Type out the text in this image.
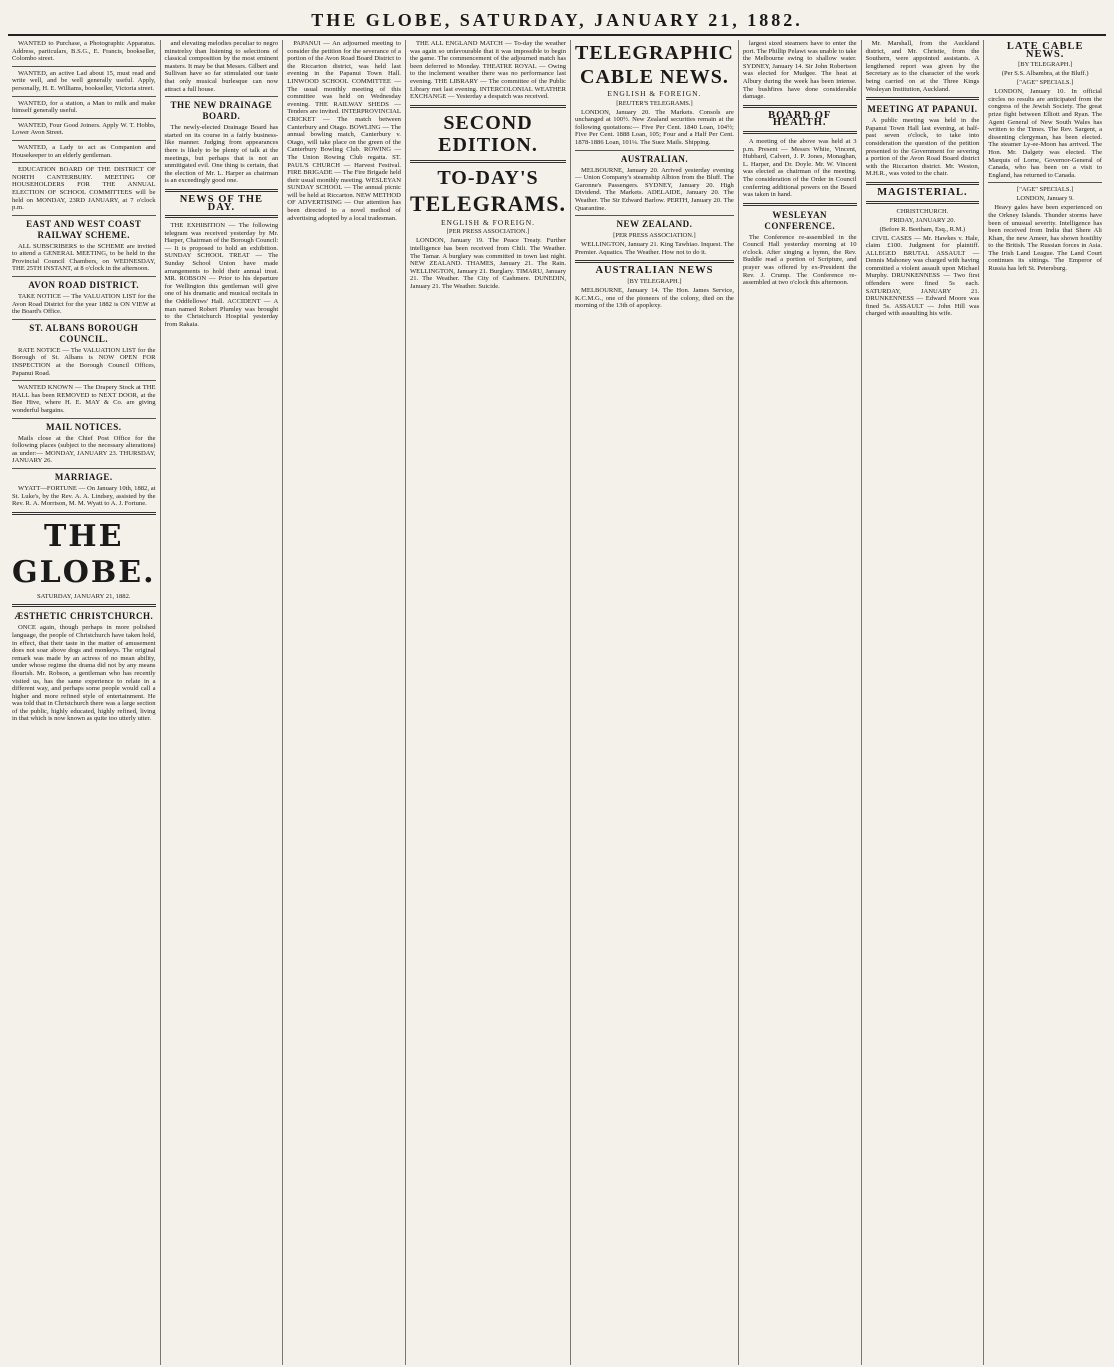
THE GLOBE, SATURDAY, JANUARY 21, 1882.

WANTED to Purchase, a Photographic Apparatus. Address, particulars, B.S.G., E. Francis, bookseller, Colombo street.

WANTED, an active Lad about 15, must read and write well, and be well generally useful. Apply, personally, H. E. Williams, bookseller, Victoria street.

WANTED, for a station, a Man to milk and make himself generally useful.

WANTED, Four Good Joiners. Apply W. T. Hobbs, Lower Avon Street.

WANTED, a Lady to act as Companion and Housekeeper to an elderly gentleman.

EDUCATION BOARD OF THE DISTRICT OF NORTH CANTERBURY. MEETING OF HOUSEHOLDERS FOR THE ANNUAL ELECTION OF SCHOOL COMMITTEES will be held on MONDAY, 23RD JANUARY, at 7 o'clock p.m.

EAST AND WEST COAST RAILWAY SCHEME.

ALL SUBSCRIBERS to the SCHEME are invited to attend a GENERAL MEETING, to be held in the Provincial Council Chambers, on WEDNESDAY, THE 25TH INSTANT, at 8 o'clock in the afternoon.

AVON ROAD DISTRICT.

TAKE NOTICE — The VALUATION LIST for the Avon Road District for the year 1882 is ON VIEW at the Board's Office.

ST. ALBANS BOROUGH COUNCIL.

RATE NOTICE — The VALUATION LIST for the Borough of St. Albans is NOW OPEN FOR INSPECTION at the Borough Council Offices, Papanui Road.

WANTED KNOWN — The Drapery Stock at THE HALL has been REMOVED to NEXT DOOR, at the Bee Hive, where H. E. MAY & Co. are giving wonderful bargains.

MAIL NOTICES.

Mails close at the Chief Post Office for the following places (subject to the necessary alterations) as under:— MONDAY, JANUARY 23. THURSDAY, JANUARY 26.

MARRIAGE.

WYATT—FORTUNE — On January 10th, 1882, at St. Luke's, by the Rev. A. A. Lindsey, assisted by the Rev. R. A. Morrison, M. M. Wyatt to A. J. Fortune.

THE GLOBE.
SATURDAY, JANUARY 21, 1882.
ÆSTHETIC CHRISTCHURCH.

ONCE again, though perhaps in more polished language, the people of Christchurch have taken hold, in effect, that their taste in the matter of amusement does not soar above dogs and monkeys. The original remark was made by an actress of no mean ability, under whose regime the drama did not by any means flourish. Mr. Robson, a gentleman who has recently visited us, has the same experience to relate in a different way, and perhaps some people would call a higher and more refined style of entertainment. He was told that in Christchurch there was a large section of the public, highly educated, highly refined, living in that which is now known as quite too utterly utter.

and elevating melodies peculiar to negro minstrelsy than listening to selections of classical composition by the most eminent masters. It may be that Messrs. Gilbert and Sullivan have so far stimulated our taste that only musical burlesque can now attract a full house.

THE NEW DRAINAGE BOARD.

The newly-elected Drainage Board has started on its course in a fairly business-like manner. Judging from appearances there is likely to be plenty of talk at the meetings, but perhaps that is not an unmitigated evil. One thing is certain, that the election of Mr. L. Harper as chairman is an exceedingly good one.

NEWS OF THE DAY.

THE EXHIBITION — The following telegram was received yesterday by Mr. Harper, Chairman of the Borough Council: — It is proposed to hold an exhibition. SUNDAY SCHOOL TREAT — The Sunday School Union have made arrangements to hold their annual treat. MR. ROBSON — Prior to his departure for Wellington this gentleman will give one of his dramatic and musical recitals in the Oddfellows' Hall. ACCIDENT — A man named Robert Plumley was brought to the Christchurch Hospital yesterday from Rakaia.

PAPANUI — An adjourned meeting to consider the petition for the severance of a portion of the Avon Road Board District to the Riccarton district, was held last evening in the Papanui Town Hall. LINWOOD SCHOOL COMMITTEE — The usual monthly meeting of this committee was held on Wednesday evening. THE RAILWAY SHEDS — Tenders are invited. INTERPROVINCIAL CRICKET — The match between Canterbury and Otago. BOWLING — The annual bowling match, Canterbury v. Otago, will take place on the green of the Canterbury Bowling Club. ROWING — The Union Rowing Club regatta. ST. PAUL'S CHURCH — Harvest Festival. FIRE BRIGADE — The Fire Brigade held their usual monthly meeting. WESLEYAN SUNDAY SCHOOL — The annual picnic will be held at Riccarton. NEW METHOD OF ADVERTISING — Our attention has been directed to a novel method of advertising adopted by a local tradesman.

THE ALL ENGLAND MATCH — To-day the weather was again so unfavourable that it was impossible to begin the game. The commencement of the adjourned match has been deferred to Monday. THEATRE ROYAL — Owing to the inclement weather there was no performance last evening. THE LIBRARY — The committee of the Public Library met last evening. INTERCOLONIAL WEATHER EXCHANGE — Yesterday a despatch was received.

SECOND EDITION.
TO-DAY'S
TELEGRAMS.
ENGLISH & FOREIGN.
[PER PRESS ASSOCIATION.]

LONDON, January 19. The Peace Treaty. Further intelligence has been received from Chili. The Weather. The Tamar. A burglary was committed in town last night. NEW ZEALAND. THAMES, January 21. The Rain. WELLINGTON, January 21. Burglary. TIMARU, January 21. The Weather. The City of Cashmere. DUNEDIN, January 21. The Weather. Suicide.

TELEGRAPHIC
CABLE NEWS.
ENGLISH & FOREIGN.
[REUTER'S TELEGRAMS.]

LONDON, January 20. The Markets. Consols are unchanged at 100½. New Zealand securities remain at the following quotations:— Five Per Cent. 1840 Loan, 104½; Five Per Cent. 1888 Loan, 105; Four and a Half Per Cent. 1878-1886 Loan, 101¼. The Suez Mails. Shipping.

AUSTRALIAN.

MELBOURNE, January 20. Arrived yesterday evening — Union Company's steamship Albion from the Bluff. The Garonne's Passengers. SYDNEY, January 20. High Dividend. The Markets. ADELAIDE, January 20. The Weather. The Sir Edward Barlow. PERTH, January 20. The Quarantine.

NEW ZEALAND.
[PER PRESS ASSOCIATION.]

WELLINGTON, January 21. King Tawhiao. Inquest. The Premier. Aquatics. The Weather. How not to do it.

AUSTRALIAN NEWS
[BY TELEGRAPH.]

MELBOURNE, January 14. The Hon. James Service, K.C.M.G., one of the pioneers of the colony, died on the morning of the 13th of apoplexy.

largest sized steamers have to enter the port. The Phillip Pelawi was unable to take the Melbourne swing to shallow water. SYDNEY, January 14. Sir John Robertson was elected for Mudgee. The heat at Albury during the week has been intense. The bushfires have done considerable damage.

BOARD OF HEALTH.

A meeting of the above was held at 3 p.m. Present — Messrs White, Vincent, Hubbard, Calvert, J. P. Jones, Monaghan, L. Harper, and Dr. Doyle. Mr. W. Vincent was elected as chairman of the meeting. The consideration of the Order in Council conferring additional powers on the Board was taken in hand.

WESLEYAN CONFERENCE.

The Conference re-assembled in the Council Hall yesterday morning at 10 o'clock. After singing a hymn, the Rev. Buddle read a portion of Scripture, and prayer was offered by ex-President the Rev. J. Crump. The Conference re-assembled at two o'clock this afternoon.

Mr. Marshall, from the Auckland district, and Mr. Christie, from the Southern, were appointed assistants. A lengthened report was given by the Secretary as to the character of the work being carried on at the Three Kings Wesleyan Institution, Auckland.

MEETING AT PAPANUI.

A public meeting was held in the Papanui Town Hall last evening, at half-past seven o'clock, to take into consideration the question of the petition presented to the Government for severing a portion of the Avon Road Board district with the Riccarton district. Mr. Weston, M.H.R., was voted to the chair.

MAGISTERIAL.
CHRISTCHURCH.
FRIDAY, JANUARY 20.
(Before R. Beetham, Esq., R.M.)

CIVIL CASES — Mr. Hawkes v. Hale, claim £100. Judgment for plaintiff. ALLEGED BRUTAL ASSAULT — Dennis Mahoney was charged with having committed a violent assault upon Michael Murphy. DRUNKENNESS — Two first offenders were fined 5s each. SATURDAY, JANUARY 21. DRUNKENNESS — Edward Moore was fined 5s. ASSAULT — John Hill was charged with assaulting his wife.

LATE CABLE NEWS.
[BY TELEGRAPH.]
(Per S.S. Albambra, at the Bluff.)
["AGE" SPECIALS.]

LONDON, January 10. In official circles no results are anticipated from the congress of the Jewish Society. The great prize fight between Elliott and Ryan. The Agent General of New South Wales has written to the Times. The Rev. Sargent, a dissenting clergyman, has been elected. The steamer Ly-ee-Moon has arrived. The Hon. Mr. Dalgety was elected. The Marquis of Lorne, Governor-General of Canada, who has been on a visit to England, has returned to Canada.

["AGE" SPECIALS.]
LONDON, January 9.

Heavy gales have been experienced on the Orkney Islands. Thunder storms have been of unusual severity. Intelligence has been received from India that Shere Ali Khan, the new Ameer, has shown hostility to the British. The Russian forces in Asia. The Irish Land League. The Land Court continues its sittings. The Emperor of Russia has left St. Petersburg.
